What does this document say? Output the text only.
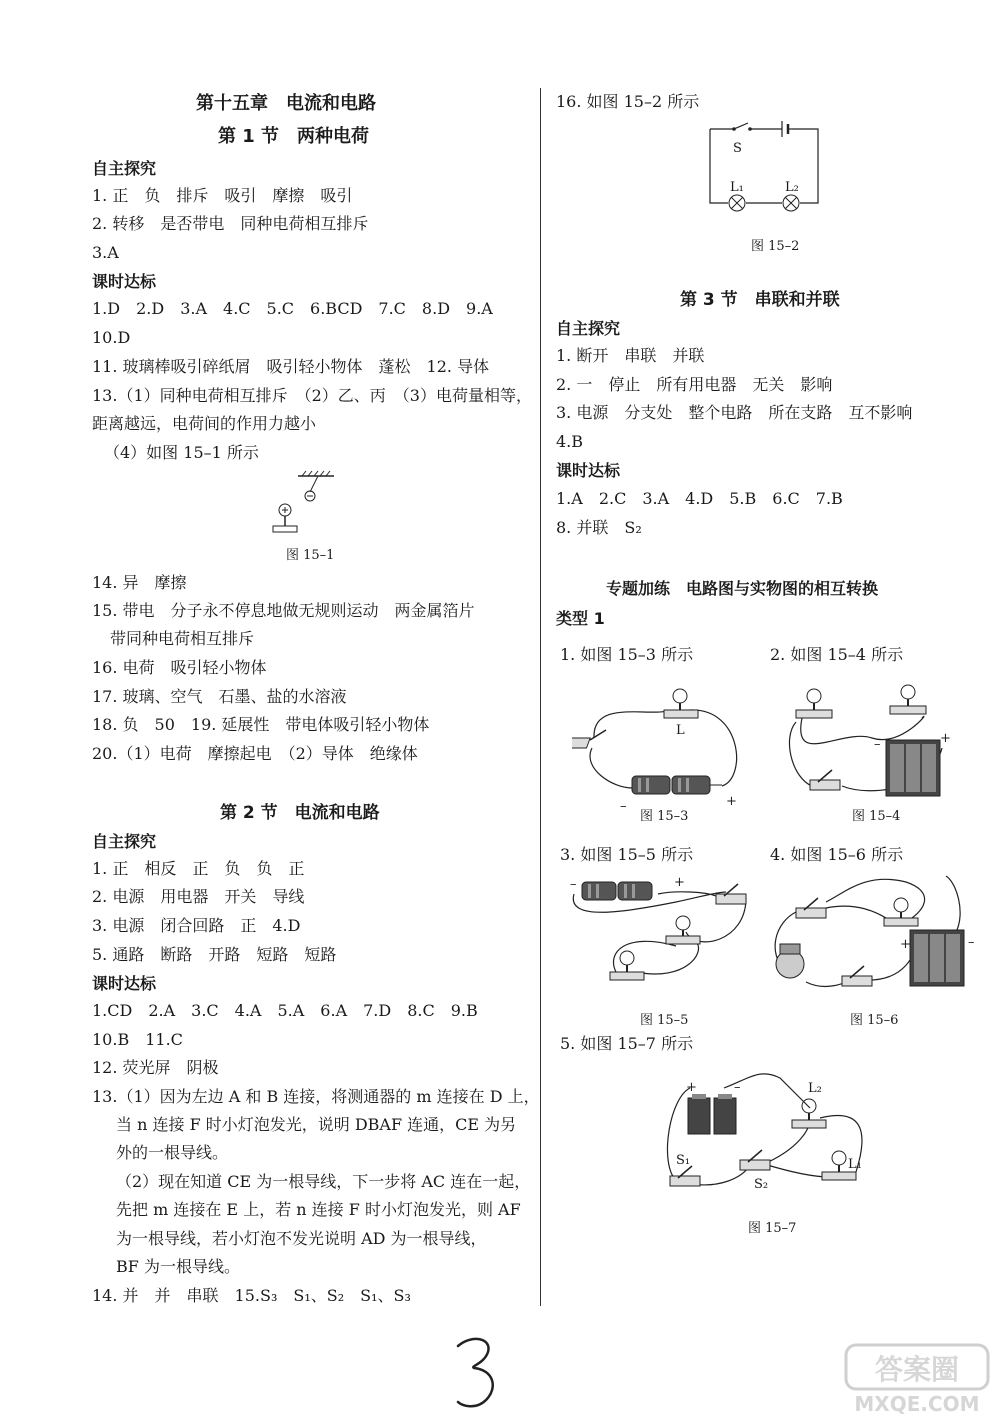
第十五章　电流和电路
第 1 节　两种电荷
自主探究
1. 正　负　排斥　吸引　摩擦　吸引
2. 转移　是否带电　同种电荷相互排斥
3.A
课时达标
1.D　2.D　3.A　4.C　5.C　6.BCD　7.C　8.D　9.A
10.D
11. 玻璃棒吸引碎纸屑　吸引轻小物体　蓬松　12. 导体
13.（1）同种电荷相互排斥　（2）乙、丙　（3）电荷量相等，
距离越远，电荷间的作用力越小
（4）如图 15–1 所示
图 15–1
14. 异　摩擦
15. 带电　分子永不停息地做无规则运动　两金属箔片
带同种电荷相互排斥
16. 电荷　吸引轻小物体
17. 玻璃、空气　石墨、盐的水溶液
18. 负　50　19. 延展性　带电体吸引轻小物体
20.（1）电荷　摩擦起电　（2）导体　绝缘体
第 2 节　电流和电路
自主探究
1. 正　相反　正　负　负　正
2. 电源　用电器　开关　导线
3. 电源　闭合回路　正　4.D
5. 通路　断路　开路　短路　短路
课时达标
1.CD　2.A　3.C　4.A　5.A　6.A　7.D　8.C　9.B
10.B　11.C
12. 荧光屏　阴极
13.（1）因为左边 A 和 B 连接，将测通器的 m 连接在 D 上，
当 n 连接 F 时小灯泡发光，说明 DBAF 连通，CE 为另
外的一根导线。
（2）现在知道 CE 为一根导线，下一步将 AC 连在一起，
先把 m 连接在 E 上，若 n 连接 F 时小灯泡发光，则 AF
为一根导线，若小灯泡不发光说明 AD 为一根导线，
BF 为一根导线。
14. 并　并　串联　15.S₃　S₁、S₂　S₁、S₃
16. 如图 15–2 所示
S
L₁	L₂
图 15–2
第 3 节　串联和并联
自主探究
1. 断开　串联　并联
2. 一　停止　所有用电器　无关　影响
3. 电源　分支处　整个电路　所在支路　互不影响
4.B
课时达标
1.A　2.C　3.A　4.D　5.B　6.C　7.B
8. 并联　S₂
专题加练　电路图与实物图的相互转换
类型 1
1. 如图 15–3 所示	2. 如图 15–4 所示
L
–	+
图 15–3
–	+
图 15–4
3. 如图 15–5 所示	4. 如图 15–6 所示
–	+
图 15–5
+	–
图 15–6
5. 如图 15–7 所示
+	–	L₂
S₁
S₂
L₁
图 15–7
答案圈
MXQE.COM
